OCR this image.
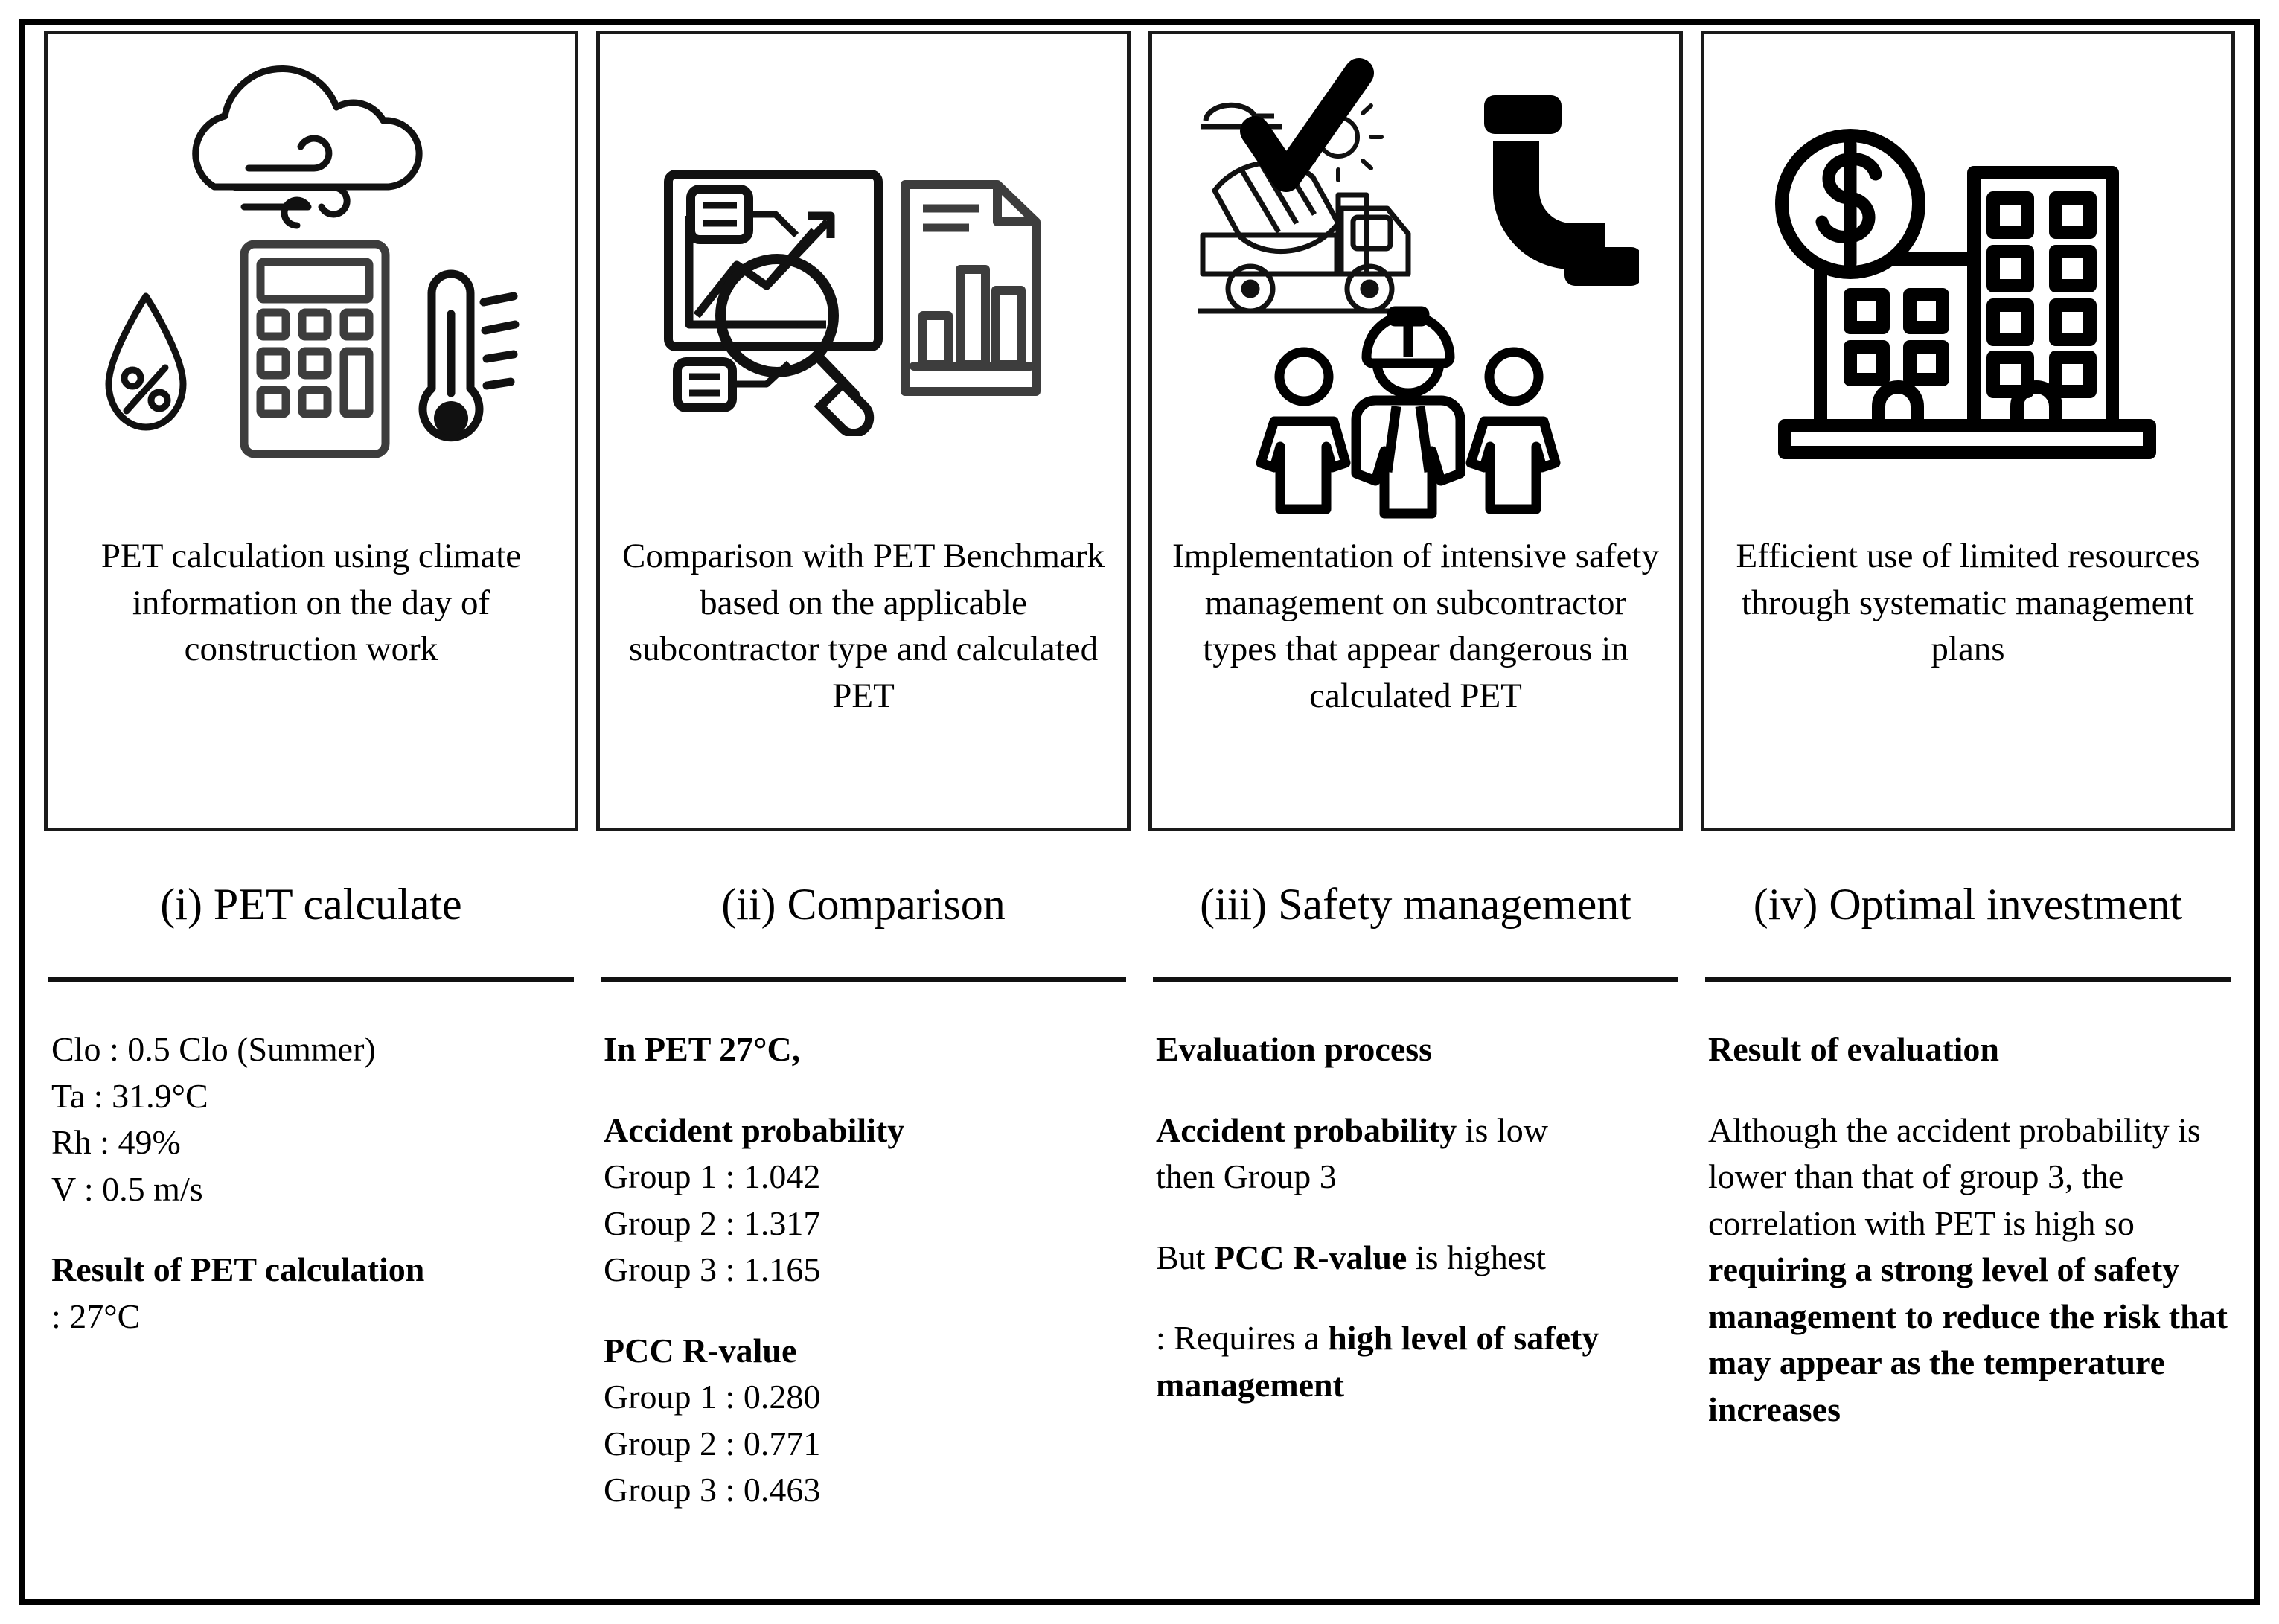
PET calculation using climate information on the day of construction work
(i) PET calculate

Clo : 0.5 Clo (Summer)

Ta : 31.9°C

Rh : 49%

V : 0.5 m/s

Result of PET calculation

: 27°C

Comparison with PET Benchmark based on the applicable subcontractor type and calculated PET
(ii) Comparison

In PET 27°C,

Accident probability

Group 1 : 1.042

Group 2 : 1.317

Group 3 : 1.165

PCC R-value

Group 1 : 0.280

Group 2 : 0.771

Group 3 : 0.463

Implementation of intensive safety management on subcontractor types that appear dangerous in calculated PET
(iii) Safety management

Evaluation process

Accident probability is low

then Group 3

But PCC R-value is highest

: Requires a high level of safety management

Efficient use of limited resources through systematic management plans
(iv) Optimal investment

Result of evaluation

Although the accident probability is lower than that of group 3, the correlation with PET is high so requiring a strong level of safety management to reduce the risk that may appear as the temperature increases
